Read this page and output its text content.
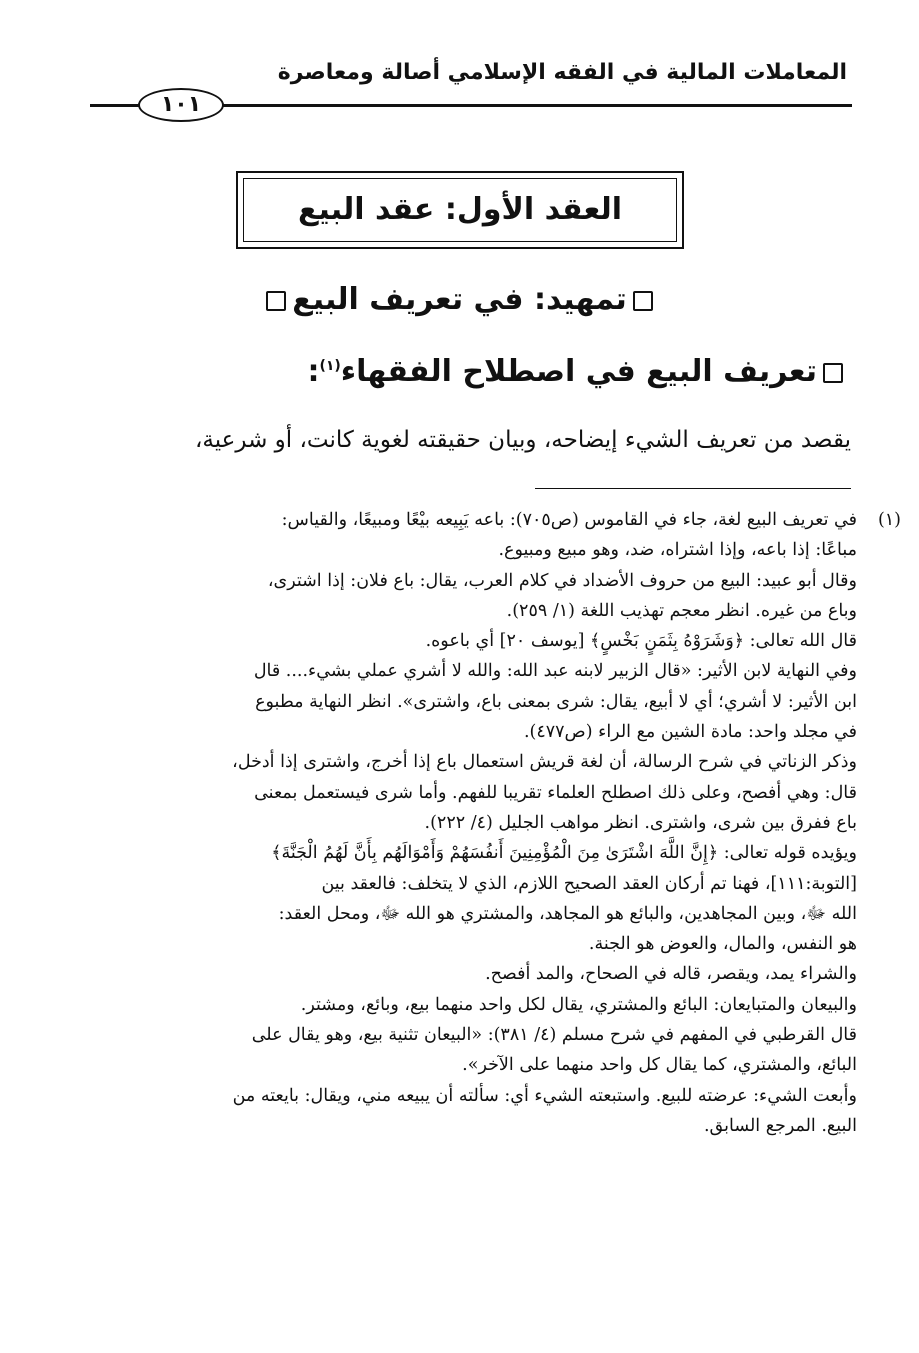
المعاملات المالية في الفقه الإسلامي أصالة ومعاصرة
١٠١
العقد الأول: عقد البيع
تمهيد: في تعريف البيع
تعريف البيع في اصطلاح الفقهاء$^{(١)}$:
يقصد من تعريف الشيء إيضاحه، وبيان حقيقته لغوية كانت، أو شرعية،
(١)

في تعريف البيع لغة، جاء في القاموس (ص٧٠٥): باعه يَبِيعه بيْعًا ومبيعًا، والقياس:

مباعًا: إذا باعه، وإذا اشتراه، ضد، وهو مبيع ومبيوع.

وقال أبو عبيد: البيع من حروف الأضداد في كلام العرب، يقال: باع فلان: إذا اشترى،

وباع من غيره. انظر معجم تهذيب اللغة (١/ ٢٥٩).

قال الله تعالى: ﴿وَشَرَوْهُ بِثَمَنٍ بَخْسٍ﴾ [يوسف ٢٠] أي باعوه.

وفي النهاية لابن الأثير: «قال الزبير لابنه عبد الله: والله لا أشري عملي بشيء.... قال

ابن الأثير: لا أشري؛ أي لا أبيع، يقال: شرى بمعنى باع، واشترى». انظر النهاية مطبوع

في مجلد واحد: مادة الشين مع الراء (ص٤٧٧).

وذكر الزناتي في شرح الرسالة، أن لغة قريش استعمال باع إذا أخرج، واشترى إذا أدخل،

قال: وهي أفصح، وعلى ذلك اصطلح العلماء تقريبا للفهم. وأما شرى فيستعمل بمعنى

باع ففرق بين شرى، واشترى. انظر مواهب الجليل (٤/ ٢٢٢).

ويؤيده قوله تعالى: ﴿إِنَّ اللَّهَ اشْتَرَىٰ مِنَ الْمُؤْمِنِينَ أَنفُسَهُمْ وَأَمْوَالَهُم بِأَنَّ لَهُمُ الْجَنَّةَ﴾

[التوبة:١١١]، فهنا تم أركان العقد الصحيح اللازم، الذي لا يتخلف: فالعقد بين

الله ﷻ، وبين المجاهدين، والبائع هو المجاهد، والمشتري هو الله ﷻ، ومحل العقد:

هو النفس، والمال، والعوض هو الجنة.

والشراء يمد، ويقصر، قاله في الصحاح، والمد أفصح.

والبيعان والمتبايعان: البائع والمشتري، يقال لكل واحد منهما بيع، وبائع، ومشتر.

قال القرطبي في المفهم في شرح مسلم (٤/ ٣٨١): «البيعان تثنية بيع، وهو يقال على

البائع، والمشتري، كما يقال كل واحد منهما على الآخر».

وأبعت الشيء: عرضته للبيع. واستبعته الشيء أي: سألته أن يبيعه مني، ويقال: بايعته من

البيع. المرجع السابق.
